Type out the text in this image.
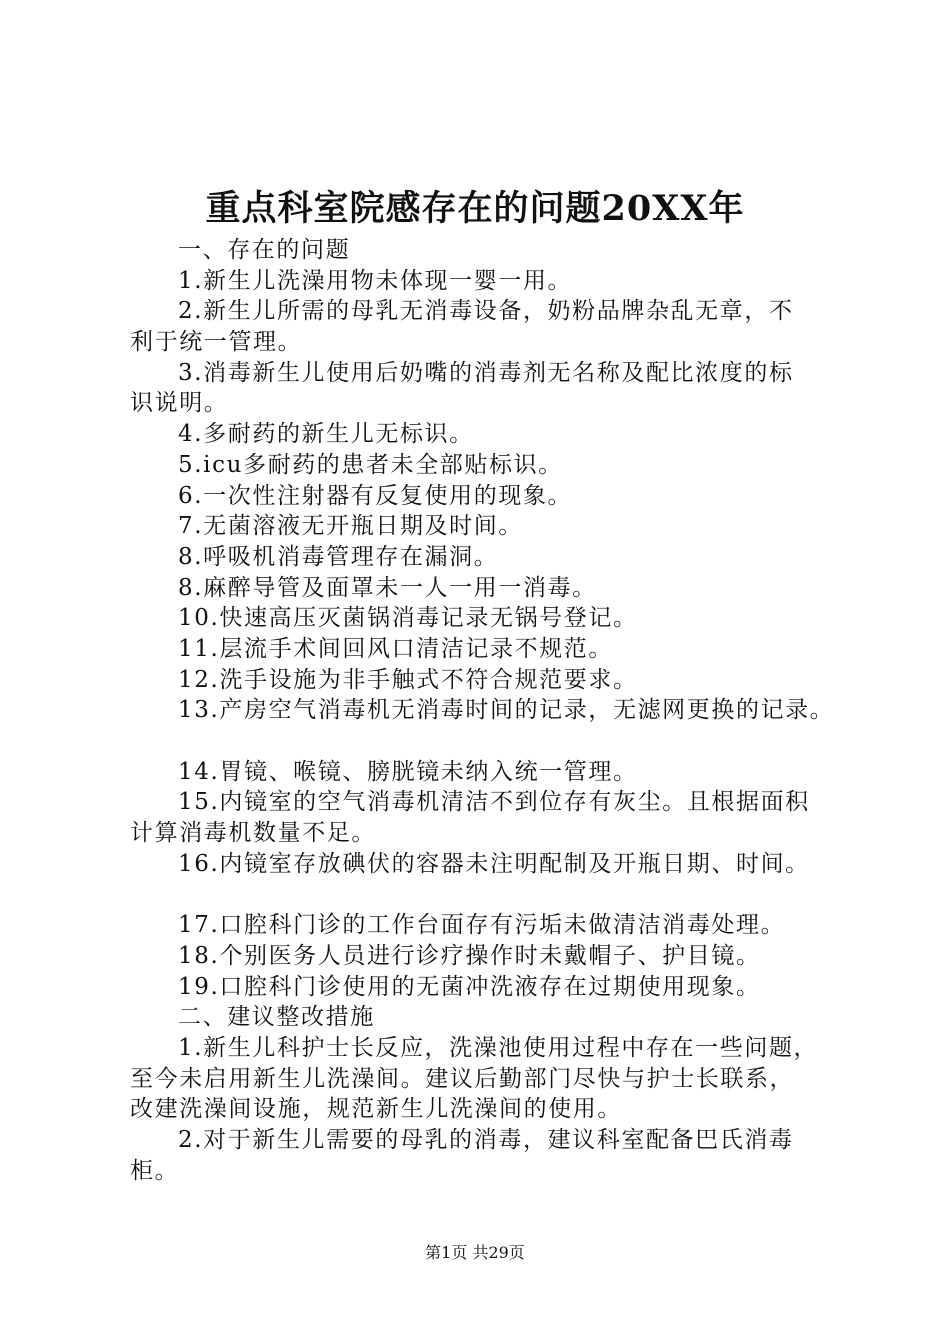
重点科室院感存在的问题20XX年
一、存在的问题
1.新生儿洗澡用物未体现一婴一用。
2.新生儿所需的母乳无消毒设备，奶粉品牌杂乱无章，不
利于统一管理。
3.消毒新生儿使用后奶嘴的消毒剂无名称及配比浓度的标
识说明。
4.多耐药的新生儿无标识。
5.icu多耐药的患者未全部贴标识。
6.一次性注射器有反复使用的现象。
7.无菌溶液无开瓶日期及时间。
8.呼吸机消毒管理存在漏洞。
8.麻醉导管及面罩未一人一用一消毒。
10.快速高压灭菌锅消毒记录无锅号登记。
11.层流手术间回风口清洁记录不规范。
12.洗手设施为非手触式不符合规范要求。
13.产房空气消毒机无消毒时间的记录，无滤网更换的记录。
14.胃镜、喉镜、膀胱镜未纳入统一管理。
15.内镜室的空气消毒机清洁不到位存有灰尘。且根据面积
计算消毒机数量不足。
16.内镜室存放碘伏的容器未注明配制及开瓶日期、时间。
17.口腔科门诊的工作台面存有污垢未做清洁消毒处理。
18.个别医务人员进行诊疗操作时未戴帽子、护目镜。
19.口腔科门诊使用的无菌冲洗液存在过期使用现象。
二、建议整改措施
1.新生儿科护士长反应，洗澡池使用过程中存在一些问题，
至今未启用新生儿洗澡间。建议后勤部门尽快与护士长联系，
改建洗澡间设施，规范新生儿洗澡间的使用。
2.对于新生儿需要的母乳的消毒，建议科室配备巴氏消毒
柜。
第1页 共29页
